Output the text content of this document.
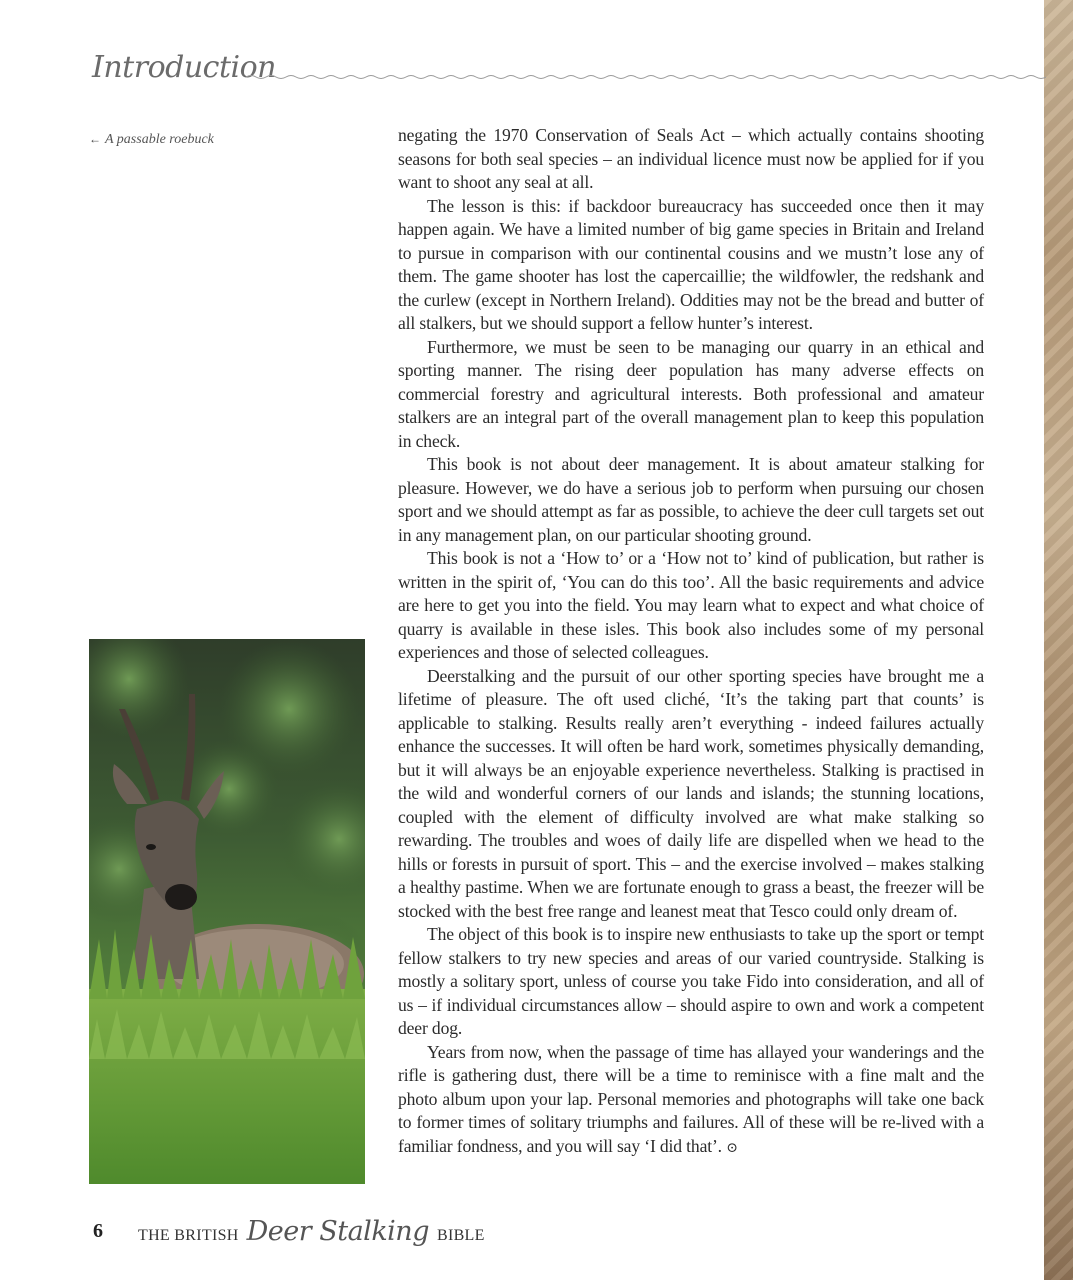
Introduction
← A passable roebuck	negating the 1970 Conservation of Seals Act – which actually contains shooting seasons for both seal species – an individual licence must now be applied for if you want to shoot any seal at all.

The lesson is this: if backdoor bureaucracy has succeeded once then it may happen again. We have a limited number of big game species in Britain and Ireland to pursue in comparison with our continental cousins and we mustn’t lose any of them. The game shooter has lost the capercaillie; the wildfowler, the redshank and the curlew (except in Northern Ireland). Oddities may not be the bread and butter of all stalkers, but we should support a fellow hunter’s interest.

Furthermore, we must be seen to be managing our quarry in an ethical and sporting manner. The rising deer population has many adverse effects on commercial forestry and agricultural interests. Both professional and amateur stalkers are an integral part of the overall management plan to keep this population in check.

This book is not about deer management. It is about amateur stalking for pleasure. However, we do have a serious job to perform when pursuing our chosen sport and we should attempt as far as possible, to achieve the deer cull targets set out in any management plan, on our particular shooting ground.

This book is not a ‘How to’ or a ‘How not to’ kind of publication, but rather is written in the spirit of, ‘You can do this too’. All the basic requirements and advice are here to get you into the field. You may learn what to expect and what choice of quarry is available in these isles. This book also includes some of my personal experiences and those of selected colleagues.

Deerstalking and the pursuit of our other sporting species have brought me a lifetime of pleasure. The oft used cliché, ‘It’s the taking part that counts’ is applicable to stalking. Results really aren’t everything - indeed failures actually enhance the successes. It will often be hard work, sometimes physically demanding, but it will always be an enjoyable experience nevertheless. Stalking is practised in the wild and wonderful corners of our lands and islands; the stunning locations, coupled with the element of difficulty involved are what make stalking so rewarding. The troubles and woes of daily life are dispelled when we head to the hills or forests in pursuit of sport. This – and the exercise involved – makes stalking a healthy pastime. When we are fortunate enough to grass a beast, the freezer will be stocked with the best free range and leanest meat that Tesco could only dream of.

The object of this book is to inspire new enthusiasts to take up the sport or tempt fellow stalkers to try new species and areas of our varied countryside. Stalking is mostly a solitary sport, unless of course you take Fido into consideration, and all of us – if individual circumstances allow – should aspire to own and work a competent deer dog.

Years from now, when the passage of time has allayed your wanderings and the rifle is gathering dust, there will be a time to reminisce with a fine malt and the photo album upon your lap. Personal memories and photographs will take one back to former times of solitary triumphs and failures. All of these will be re-lived with a familiar fondness, and you will say ‘I did that’. ⊙

6 THE BRITISH Deer Stalking BIBLE
